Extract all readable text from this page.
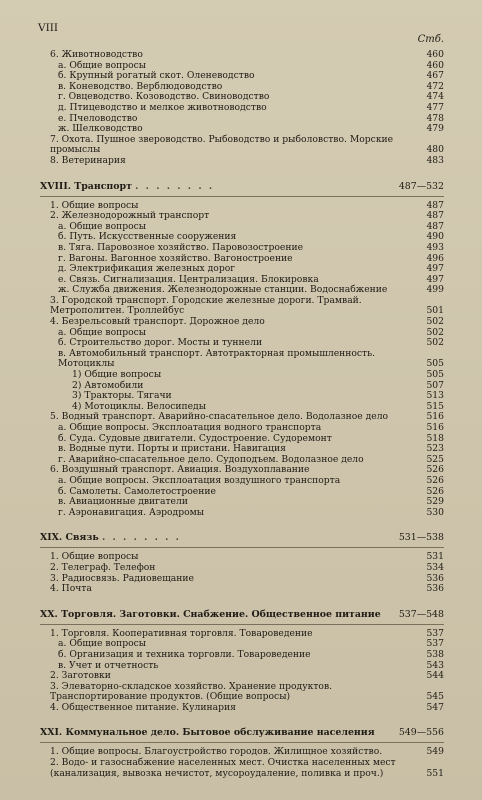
VIII
Стб.
6. Животноводство	460
а. Общие вопросы	460
б. Крупный рогатый скот. Оленеводство	467
в. Коневодство. Верблюдоводство	472
г. Овцеводство. Козоводство. Свиноводство	474
д. Птицеводство и мелкое животноводство	477
е. Пчеловодство	478
ж. Шелководство	479
7. Охота. Пушное звероводство. Рыбоводство и рыболовство. Морские промыслы	480
8. Ветеринария	483
XVIII. Транспорт . . . . . . . .	487—532
1. Общие вопросы	487
2. Железнодорожный транспорт	487
а. Общие вопросы	487
б. Путь. Искусственные сооружения	490
в. Тяга. Паровозное хозяйство. Паровозостроение	493
г. Вагоны. Вагонное хозяйство. Вагоностроение	496
д. Электрификация железных дорог	497
е. Связь. Сигнализация. Централизация. Блокировка	497
ж. Служба движения. Железнодорожные станции. Водоснабжение	499
3. Городской транспорт. Городские железные дороги. Трамвай. Метрополитен. Троллейбус	501
4. Безрельсовый транспорт. Дорожное дело	502
а. Общие вопросы	502
б. Строительство дорог. Мосты и туннели	502
в. Автомобильный транспорт. Автотракторная промышленность. Мотоциклы	505
1) Общие вопросы	505
2) Автомобили	507
3) Тракторы. Тягачи	513
4) Мотоциклы. Велосипеды	515
5. Водный транспорт. Аварийно-спасательное дело. Водолазное дело	516
а. Общие вопросы. Эксплоатация водного транспорта	516
б. Суда. Судовые двигатели. Судостроение. Судоремонт	518
в. Водные пути. Порты и пристани. Навигация	523
г. Аварийно-спасательное дело. Судоподъем. Водолазное дело	525
6. Воздушный транспорт. Авиация. Воздухоплавание	526
а. Общие вопросы. Эксплоатация воздушного транспорта	526
б. Самолеты. Самолетостроение	526
в. Авиационные двигатели	529
г. Аэронавигация. Аэродромы	530
XIX. Связь . . . . . . . .	531—538
1. Общие вопросы	531
2. Телеграф. Телефон	534
3. Радиосвязь. Радиовещание	536
4. Почта	536
XX. Торговля. Заготовки. Снабжение. Общественное питание 537—548
1. Торговля. Кооперативная торговля. Товароведение	537
а. Общие вопросы	537
б. Организация и техника торговли. Товароведение	538
в. Учет и отчетность	543
2. Заготовки	544
3. Элеваторно-складское хозяйство. Хранение продуктов. Транспортирование продуктов. (Общие вопросы)	545
4. Общественное питание. Кулинария	547
XXI. Коммунальное дело. Бытовое обслуживание населения	549—556
1. Общие вопросы. Благоустройство городов. Жилищное хозяйство.	549
2. Водо- и газоснабжение населенных мест. Очистка населенных мест (канализация, вывозка нечистот, мусороудаление, поливка и проч.)	551
